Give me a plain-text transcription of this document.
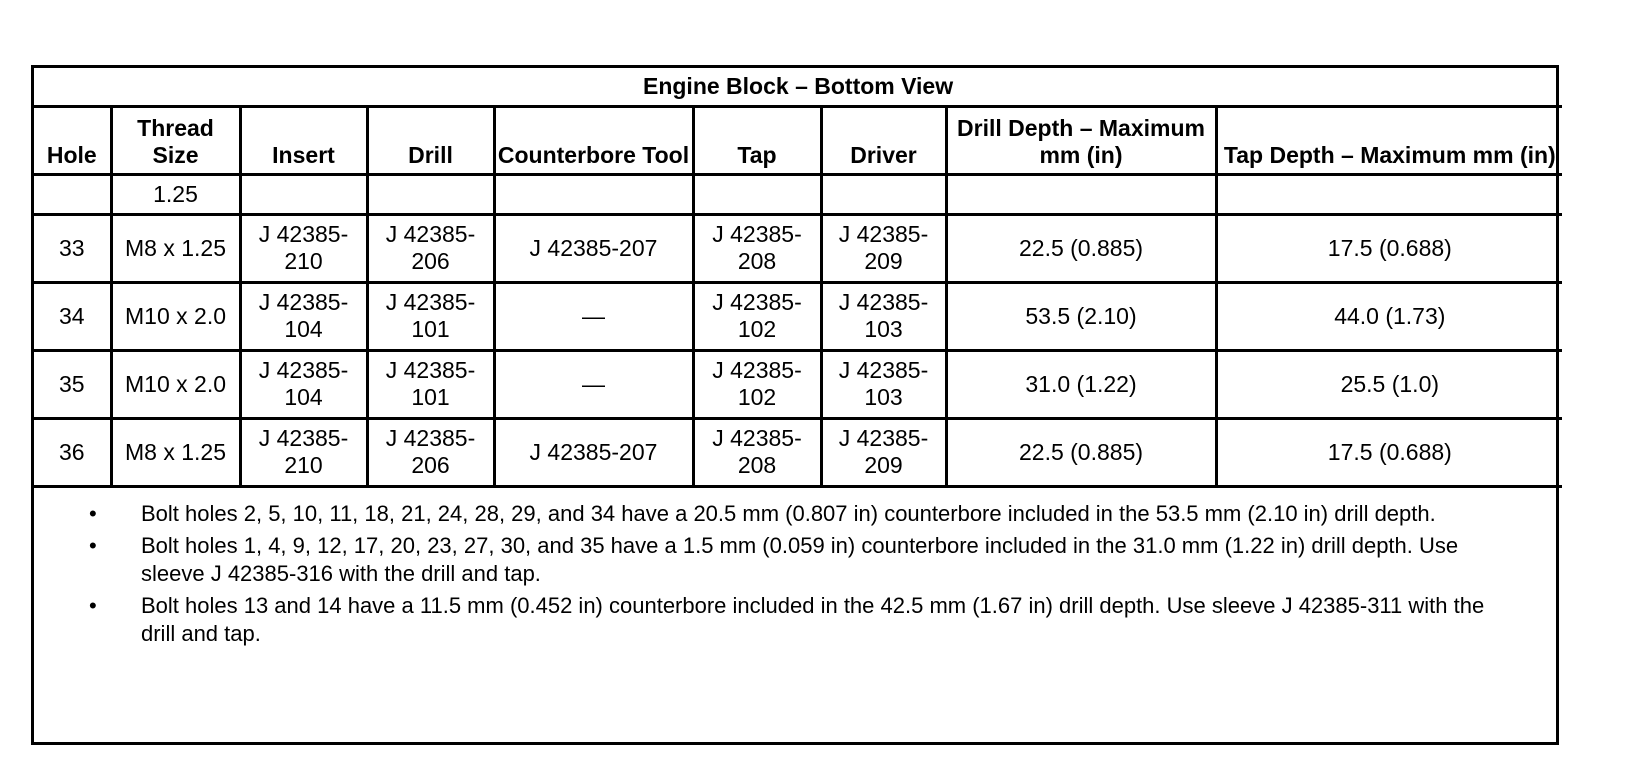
Engine Block – Bottom View								
Hole	Thread Size	Insert	Drill	Counterbore Tool	Tap	Driver	Drill Depth – Maximum mm (in)	Tap Depth – Maximum mm (in)
	1.25							
33	M8 x 1.25	J 42385-210	J 42385-206	J 42385-207	J 42385-208	J 42385-209	22.5 (0.885)	17.5 (0.688)
34	M10 x 2.0	J 42385-104	J 42385-101	—	J 42385-102	J 42385-103	53.5 (2.10)	44.0 (1.73)
35	M10 x 2.0	J 42385-104	J 42385-101	—	J 42385-102	J 42385-103	31.0 (1.22)	25.5 (1.0)
36	M8 x 1.25	J 42385-210	J 42385-206	J 42385-207	J 42385-208	J 42385-209	22.5 (0.885)	17.5 (0.688)
• Bolt holes 2, 5, 10, 11, 18, 21, 24, 28, 29, and 34 have a 20.5 mm (0.807 in) counterbore included in the 53.5 mm (2.10 in) drill depth.
• Bolt holes 1, 4, 9, 12, 17, 20, 23, 27, 30, and 35 have a 1.5 mm (0.059 in) counterbore included in the 31.0 mm (1.22 in) drill depth. Use sleeve J 42385-316 with the drill and tap.
• Bolt holes 13 and 14 have a 11.5 mm (0.452 in) counterbore included in the 42.5 mm (1.67 in) drill depth. Use sleeve J 42385-311 with the drill and tap.
